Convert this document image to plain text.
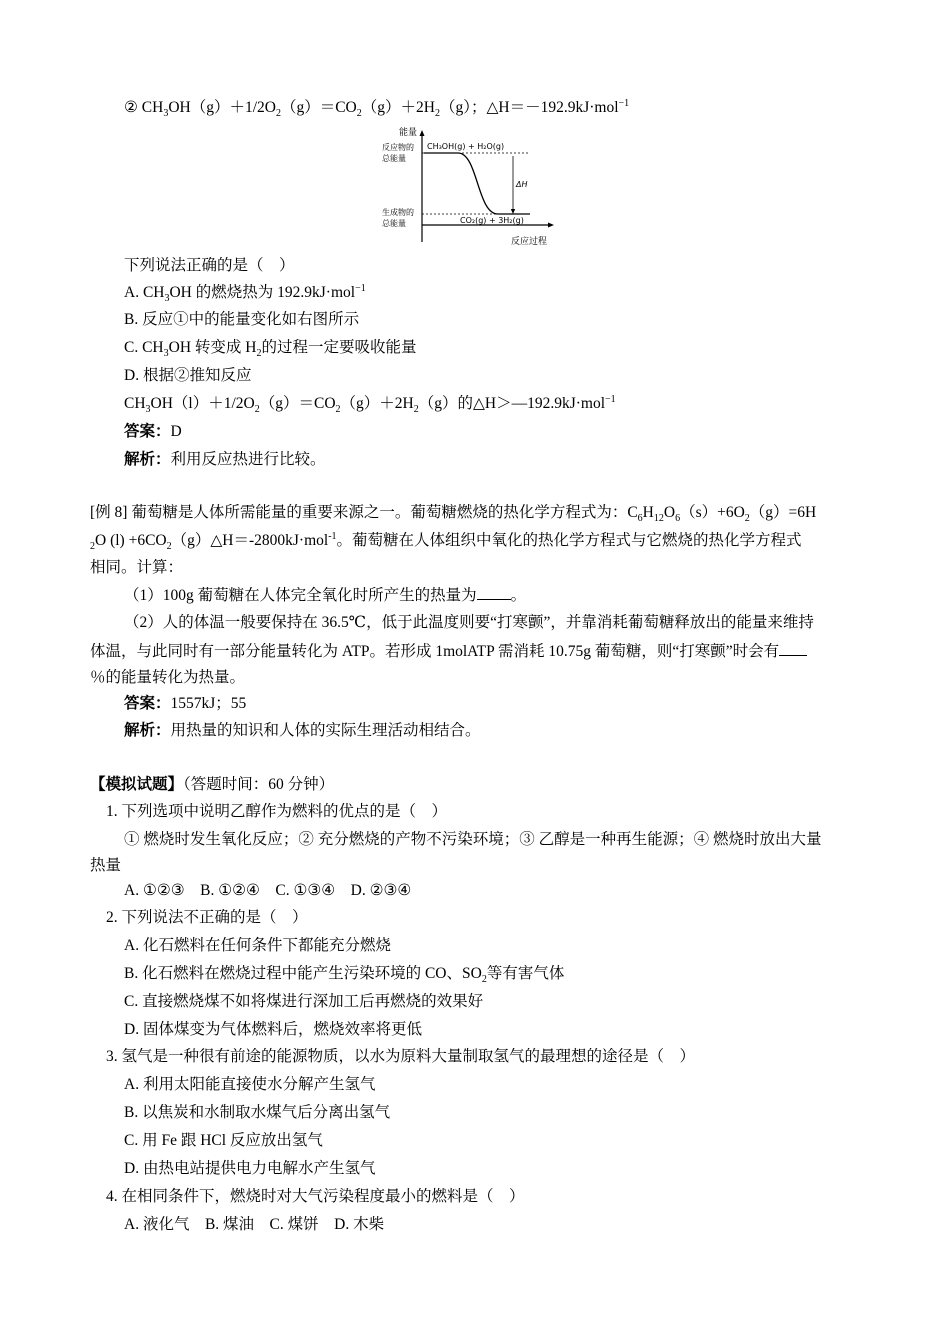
② $CH_3OH(g)+1/2O_2(g)=CO_2(g)+2H_2(g)$；△H＝－192.9kJ·mol$^{-1}$
能量
反应物的
总能量
生成物的
总能量
CH₃OH(g) + H₂O(g)
CO₂(g) + 3H₂(g)
ΔH
反应过程
下列说法正确的是（　）
A. $CH_3OH$ 的燃烧热为 192.9kJ·mol$^{-1}$
B. 反应①中的能量变化如右图所示
C. $CH_3OH$ 转变成 $H_2$的过程一定要吸收能量
D. 根据②推知反应
$CH_3OH(l)+1/2O_2(g)=CO_2(g)+2H_2(g)$的△H＞—192.9kJ·mol$^{-1}$
答案：D
解析：利用反应热进行比较。
[例 8] 葡萄糖是人体所需能量的重要来源之一。葡萄糖燃烧的热化学方程式为：$C_6H_{12}O_6(s)+6O_2(g)=6H$
$_2$O $(l) +6CO_2(g)\triangle H=-2800kJ\cdot mol^{-1}$。葡萄糖在人体组织中氧化的热化学方程式与它燃烧的热化学方程式
相同。计算：
（1）100g 葡萄糖在人体完全氧化时所产生的热量为 。
（2）人的体温一般要保持在 36.5℃，低于此温度则要“打寒颤”，并靠消耗葡萄糖释放出的能量来维持
体温，与此同时有一部分能量转化为 ATP。若形成 1molATP 需消耗 10.75g 葡萄糖，则“打寒颤”时会有
％的能量转化为热量。
答案：1557kJ；55
解析：用热量的知识和人体的实际生理活动相结合。
【模拟试题】（答题时间：60 分钟）
1. 下列选项中说明乙醇作为燃料的优点的是（　）
① 燃烧时发生氧化反应；② 充分燃烧的产物不污染环境；③ 乙醇是一种再生能源；④ 燃烧时放出大量
热量
A. ①②③　B. ①②④　C. ①③④　D. ②③④
2. 下列说法不正确的是（　）
A. 化石燃料在任何条件下都能充分燃烧
B. 化石燃料在燃烧过程中能产生污染环境的 CO、$SO_2$等有害气体
C. 直接燃烧煤不如将煤进行深加工后再燃烧的效果好
D. 固体煤变为气体燃料后，燃烧效率将更低
3. 氢气是一种很有前途的能源物质，以水为原料大量制取氢气的最理想的途径是（　）
A. 利用太阳能直接使水分解产生氢气
B. 以焦炭和水制取水煤气后分离出氢气
C. 用 Fe 跟 HCl 反应放出氢气
D. 由热电站提供电力电解水产生氢气
4. 在相同条件下，燃烧时对大气污染程度最小的燃料是（　）
A. 液化气　B. 煤油　C. 煤饼　D. 木柴
